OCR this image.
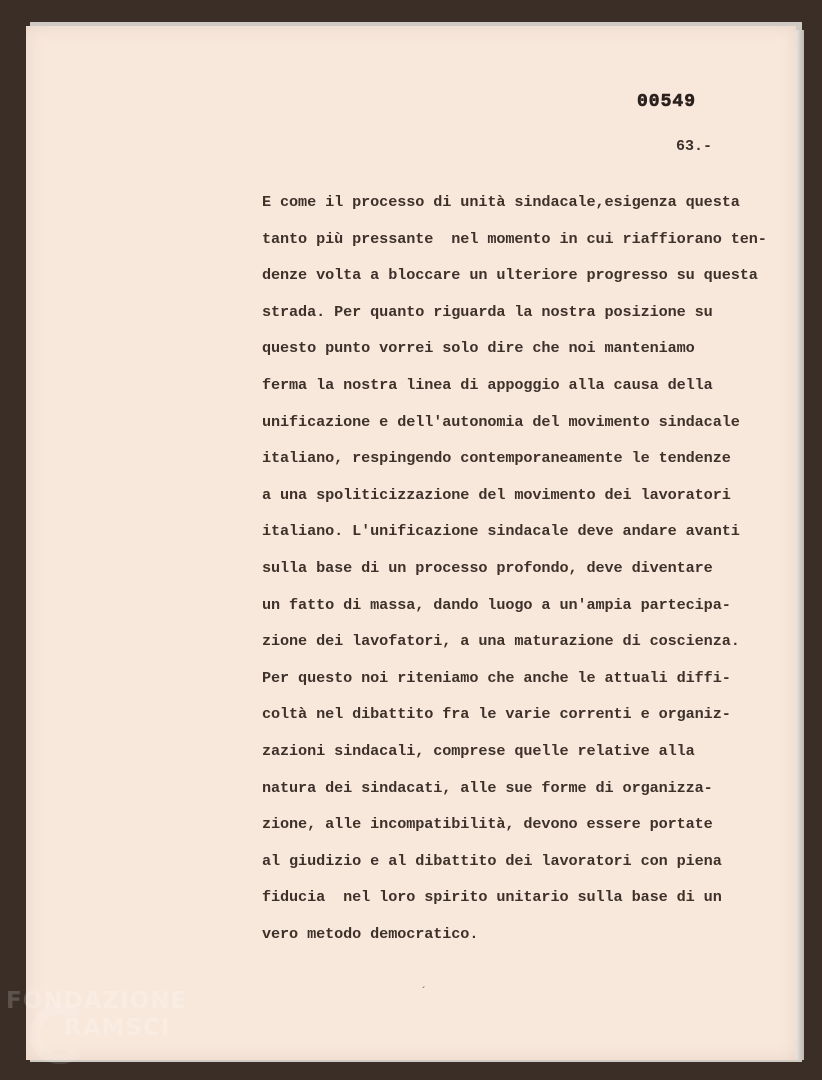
00549
63.-
E come il processo di unità sindacale,esigenza questa
tanto più pressante  nel momento in cui riaffiorano ten-
denze volta a bloccare un ulteriore progresso su questa
strada. Per quanto riguarda la nostra posizione su
questo punto vorrei solo dire che noi manteniamo
ferma la nostra linea di appoggio alla causa della
unificazione e dell'autonomia del movimento sindacale
italiano, respingendo contemporaneamente le tendenze
a una spoliticizzazione del movimento dei lavoratori
italiano. L'unificazione sindacale deve andare avanti
sulla base di un processo profondo, deve diventare
un fatto di massa, dando luogo a un'ampia partecipa-
zione dei lavofatori, a una maturazione di coscienza.
Per questo noi riteniamo che anche le attuali diffi-
coltà nel dibattito fra le varie correnti e organiz-
zazioni sindacali, comprese quelle relative alla
natura dei sindacati, alle sue forme di organizza-
zione, alle incompatibilità, devono essere portate
al giudizio e al dibattito dei lavoratori con piena
fiducia  nel loro spirito unitario sulla base di un
vero metodo democratico.
´
FONDAZIONE
RAMSCI
